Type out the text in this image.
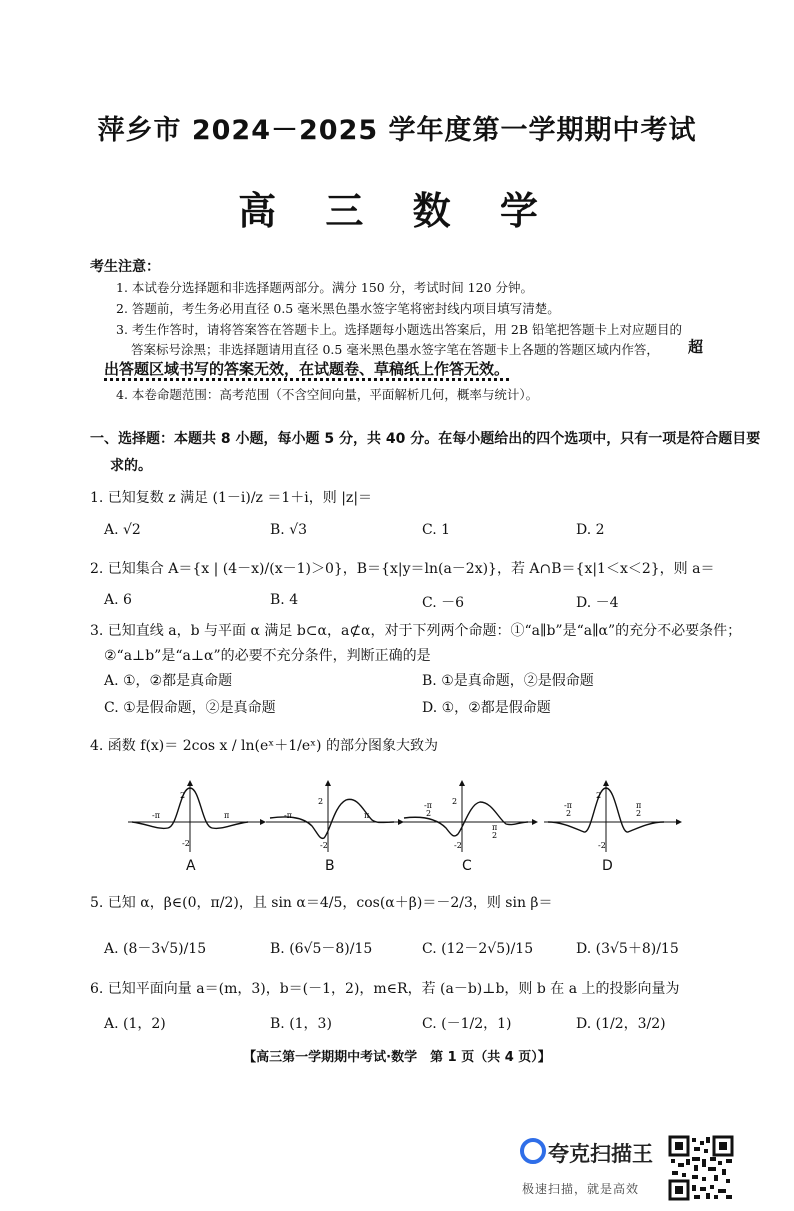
萍乡市 2024－2025 学年度第一学期期中考试
高 三 数 学
考生注意：
1. 本试卷分选择题和非选择题两部分。满分 150 分，考试时间 120 分钟。
2. 答题前，考生务必用直径 0.5 毫米黑色墨水签字笔将密封线内项目填写清楚。
3. 考生作答时，请将答案答在答题卡上。选择题每小题选出答案后，用 2B 铅笔把答题卡上对应题目的
答案标号涂黑；非选择题请用直径 0.5 毫米黑色墨水签字笔在答题卡上各题的答题区域内作答， 超
出答题区域书写的答案无效，在试题卷、草稿纸上作答无效。
4. 本卷命题范围：高考范围（不含空间向量，平面解析几何，概率与统计）。
一、选择题：本题共 8 小题，每小题 5 分，共 40 分。在每小题给出的四个选项中，只有一项是符合题目要
求的。
1. 已知复数 z 满足 (1－i)/z ＝1＋i，则 |z|＝
A. √2	B. √3	C. 1	D. 2
2. 已知集合 A＝{x | (4－x)/(x－1)＞0}，B＝{x|y＝ln(a－2x)}，若 A∩B＝{x|1＜x＜2}，则 a＝
A. 6	B. 4	C. －6	D. －4
3. 已知直线 a，b 与平面 α 满足 b⊂α，a⊄α，对于下列两个命题：①“a∥b”是“a∥α”的充分不必要条件；
②“a⊥b”是“a⊥α”的必要不充分条件，判断正确的是
A. ①，②都是真命题	B. ①是真命题，②是假命题
C. ①是假命题，②是真命题	D. ①，②都是假命题
4. 函数 f(x)＝ 2cos x / ln(eˣ＋1/eˣ) 的部分图象大致为
-π	π
2
-2
-π	π
2
-2
-π
2
π
2
2
-2
-π
2
π
2
2
-2
A	B	C	D
5. 已知 α，β∈(0，π/2)，且 sin α＝4/5，cos(α＋β)＝－2/3，则 sin β＝
A. (8－3√5)/15	B. (6√5－8)/15	C. (12－2√5)/15	D. (3√5＋8)/15
6. 已知平面向量 a＝(m，3)，b＝(－1，2)，m∈R，若 (a－b)⊥b，则 b 在 a 上的投影向量为
A. (1，2)	B. (1，3)	C. (－1/2，1)	D. (1/2，3/2)
【高三第一学期期中考试·数学　第 1 页（共 4 页）】
夸克扫描王
极速扫描，就是高效
